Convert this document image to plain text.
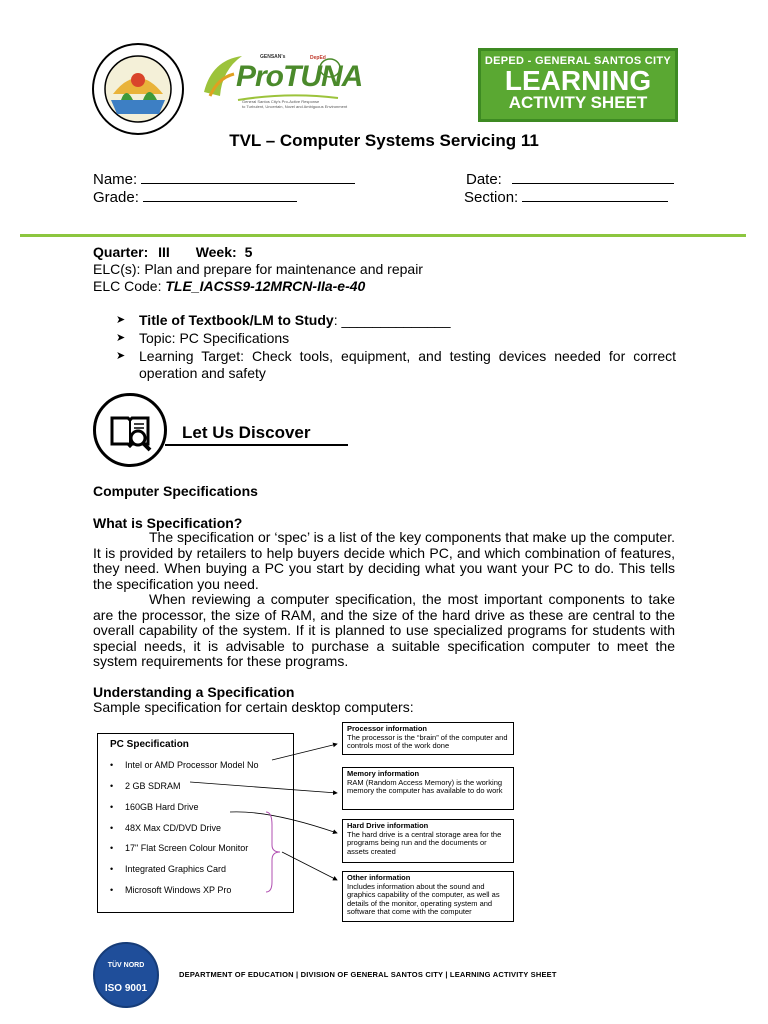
GENSAN's	DepEd
ProTUNA
General Santos City's Pro-Active Response
to Turbulent, Uncertain, Novel and Ambiguous Environment
DEPED - GENERAL SANTOS CITY
LEARNING
ACTIVITY SHEET
TVL – Computer Systems Servicing 11
Name:	Date:
Grade:	Section:
Quarter: III Week: 5
ELC(s): Plan and prepare for maintenance and repair
ELC Code: TLE_IACSS9-12MRCN-IIa-e-40
➤ Title of Textbook/LM to Study: ______________
➤ Topic: PC Specifications
➤ Learning Target: Check tools, equipment, and testing devices needed for correct operation and safety
Let Us Discover
Computer Specifications
What is Specification?
The specification or ‘spec’ is a list of the key components that make up the computer. It is provided by retailers to help buyers decide which PC, and which combination of features, they need. When buying a PC you start by deciding what you want your PC to do. This tells the specification you need.
When reviewing a computer specification, the most important components to take are the processor, the size of RAM, and the size of the hard drive as these are central to the overall capability of the system. If it is planned to use specialized programs for students with special needs, it is advisable to purchase a suitable specification computer to meet the system requirements for these programs.
Understanding a Specification
Sample specification for certain desktop computers:
PC Specification
• Intel or AMD Processor Model No
• 2 GB SDRAM
• 160GB Hard Drive
• 48X Max CD/DVD Drive
• 17" Flat Screen Colour Monitor
• Integrated Graphics Card
• Microsoft Windows XP Pro
Processor information
The processor is the “brain” of the computer and controls most of the work done
Memory information
RAM (Random Access Memory) is the working memory the computer has available to do work
Hard Drive information
The hard drive is a central storage area for the programs being run and the documents or assets created
Other information
Includes information about the sound and graphics capability of the computer, as well as details of the monitor, operating system and software that come with the computer
TÜV NORD
ISO 9001
DEPARTMENT OF EDUCATION | DIVISION OF GENERAL SANTOS CITY | LEARNING ACTIVITY SHEET
